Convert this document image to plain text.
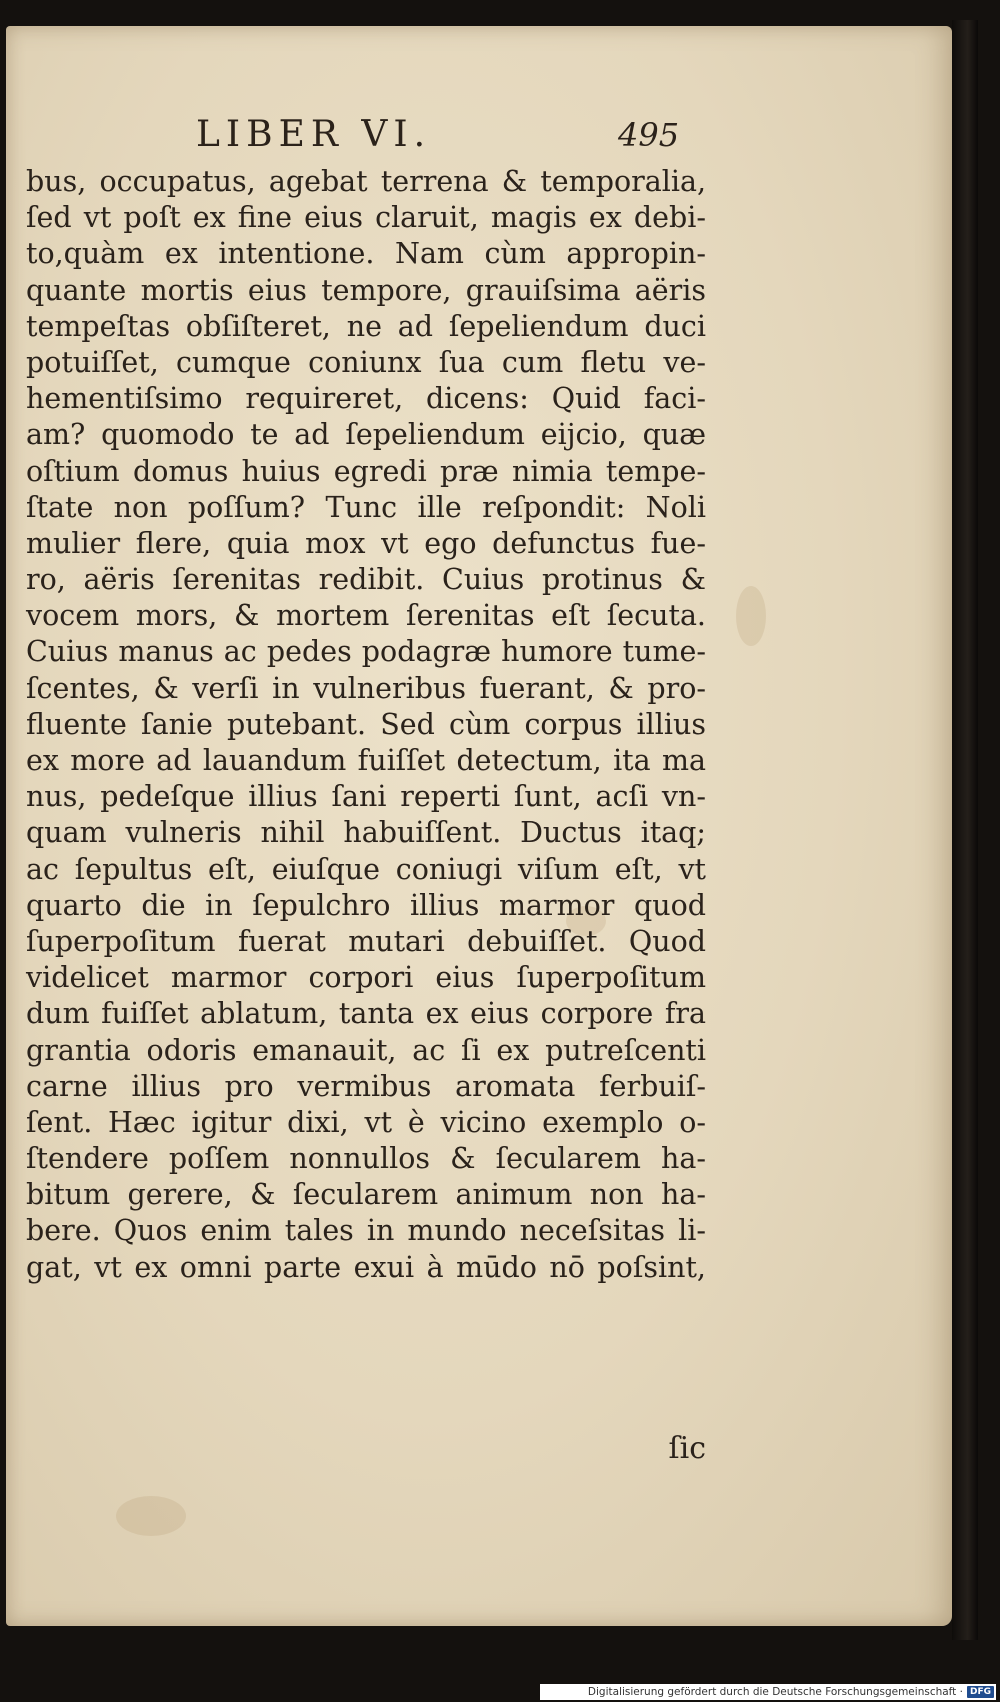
LIBER VI.	495
bus, occupatus, agebat terrena & temporalia,
ſed vt poſt ex fine eius claruit, magis ex debi-
to,quàm ex intentione. Nam cùm appropin-
quante mortis eius tempore, grauiſsima aëris
tempeſtas obſiſteret, ne ad ſepeliendum duci
potuiſſet, cumque coniunx ſua cum fletu ve-
hementiſsimo requireret, dicens: Quid faci-
am? quomodo te ad ſepeliendum eijcio, quæ
oſtium domus huius egredi præ nimia tempe-
ſtate non poſſum? Tunc ille reſpondit: Noli
mulier flere, quia mox vt ego defunctus fue-
ro, aëris ſerenitas redibit. Cuius protinus &
vocem mors, & mortem ſerenitas eſt ſecuta.
Cuius manus ac pedes podagræ humore tume-
ſcentes, & verſi in vulneribus fuerant, & pro-
fluente ſanie putebant. Sed cùm corpus illius
ex more ad lauandum fuiſſet detectum, ita ma
nus, pedeſque illius ſani reperti ſunt, acſi vn-
quam vulneris nihil habuiſſent. Ductus itaq;
ac ſepultus eſt, eiuſque coniugi viſum eſt, vt
quarto die in ſepulchro illius marmor quod
ſuperpoſitum fuerat mutari debuiſſet. Quod
videlicet marmor corpori eius ſuperpoſitum
dum fuiſſet ablatum, tanta ex eius corpore fra
grantia odoris emanauit, ac ſi ex putreſcenti
carne illius pro vermibus aromata ferbuiſ-
ſent. Hæc igitur dixi, vt è vicino exemplo o-
ſtendere poſſem nonnullos & ſecularem ha-
bitum gerere, & ſecularem animum non ha-
bere. Quos enim tales in mundo neceſsitas li-
gat, vt ex omni parte exui à mūdo nō poſsint,
ſic
Digitalisierung gefördert durch die Deutsche Forschungsgemeinschaft · DFG
